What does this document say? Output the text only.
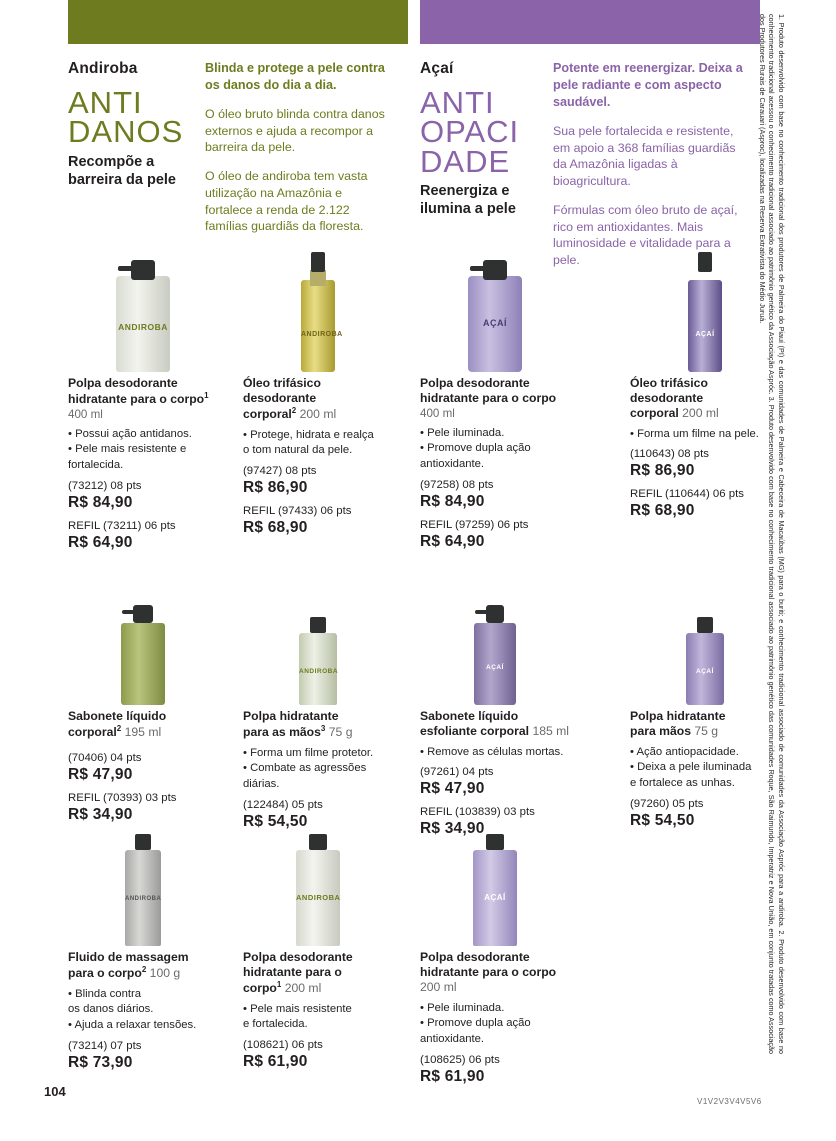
Andiroba
ANTI
DANOS
Recompõe a
barreira da pele
Blinda e protege a pele contra os danos do dia a dia.
O óleo bruto blinda contra danos externos e ajuda a recompor a barreira da pele.
O óleo de andiroba tem vasta utilização na Amazônia e fortalece a renda de 2.122 famílias guardiãs da floresta.
Açaí
ANTI
OPACI
DADE
Reenergiza e
ilumina a pele
Potente em reenergizar. Deixa a pele radiante e com aspecto saudável.
Sua pele fortalecida e resistente, em apoio a 368 famílias guardiãs da Amazônia ligadas à bioagricultura.
Fórmulas com óleo bruto de açaí, rico em antioxidantes. Mais luminosidade e vitalidade para a pele.
ANDIROBA
Polpa desodorante
hidratante para o corpo$^1$
400 ml
• Possui ação antidanos.
• Pele mais resistente e
fortalecida.
(73212) 08 pts
R$ 84,90
REFIL (73211) 06 pts
R$ 64,90
ANDIROBA
Óleo trifásico
desodorante
corporal$^2$ 200 ml
• Protege, hidrata e realça
o tom natural da pele.
(97427) 08 pts
R$ 86,90
REFIL (97433) 06 pts
R$ 68,90
AÇAÍ
Polpa desodorante
hidratante para o corpo
400 ml
• Pele iluminada.
• Promove dupla ação
antioxidante.
(97258) 08 pts
R$ 84,90
REFIL (97259) 06 pts
R$ 64,90
AÇAÍ
Óleo trifásico
desodorante
corporal 200 ml
• Forma um filme na pele.
(110643) 08 pts
R$ 86,90
REFIL (110644) 06 pts
R$ 68,90
Sabonete líquido
corporal$^2$ 195 ml
(70406) 04 pts
R$ 47,90
REFIL (70393) 03 pts
R$ 34,90
ANDIROBA
Polpa hidratante
para as mãos$^3$ 75 g
• Forma um filme protetor.
• Combate as agressões
diárias.
(122484) 05 pts
R$ 54,50
AÇAÍ
Sabonete líquido
esfoliante corporal 185 ml
• Remove as células mortas.
(97261) 04 pts
R$ 47,90
REFIL (103839) 03 pts
R$ 34,90
AÇAÍ
Polpa hidratante
para mãos 75 g
• Ação antiopacidade.
• Deixa a pele iluminada
e fortalece as unhas.
(97260) 05 pts
R$ 54,50
ANDIROBA
Fluido de massagem
para o corpo$^2$ 100 g
• Blinda contra
os danos diários.
• Ajuda a relaxar tensões.
(73214) 07 pts
R$ 73,90
ANDIROBA
Polpa desodorante
hidratante para o
corpo$^1$ 200 ml
• Pele mais resistente
e fortalecida.
(108621) 06 pts
R$ 61,90
AÇAÍ
Polpa desodorante
hidratante para o corpo 200 ml
• Pele iluminada.
• Promove dupla ação
antioxidante.
(108625) 06 pts
R$ 61,90
1. Produto desenvolvido com base no conhecimento tradicional dos produtores de Palmeira do Piauí (PI) e das comunidades de Palmeira e Cabeceira de Macaúbas (MG) para o buriti; e conhecimento tradicional associado de comunidades da Associação Aspróc para a andiroba. 2. Produto desenvolvido com base no conhecimento tradicional acessou o conhecimento tradicional associado ao patrimônio genético da Associação Aspróc. 3. Produto desenvolvido com base no conhecimento tradicional associado ao patrimônio genético das comunidades Roque, São Raimundo, Imperatriz e Nova União, em conjunto tratadas como Associação dos Produtores Rurais de Carauari (Asproc), localizadas na Reserva Extrativista do Médio Juruá.
104
V1V2V3V4V5V6
